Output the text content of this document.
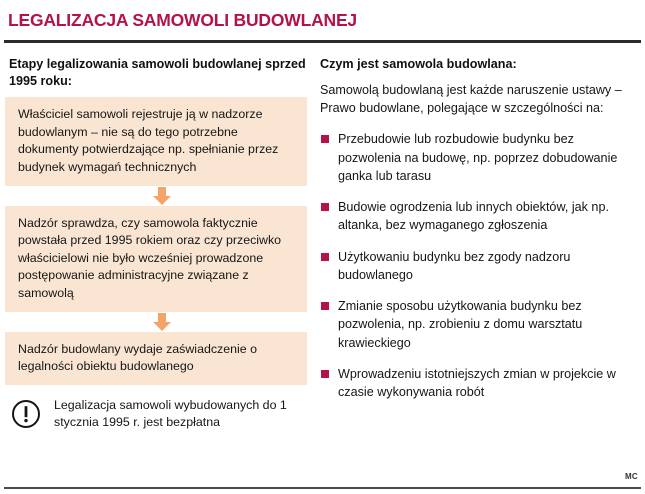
LEGALIZACJA SAMOWOLI BUDOWLANEJ
Etapy legalizowania samowoli budowlanej sprzed 1995 roku:

Właściciel samowoli rejestruje ją w nadzorze budowlanym – nie są do tego potrzebne dokumenty potwierdzające np. spełnianie przez budynek wymagań technicznych

Nadzór sprawdza, czy samowola faktycznie powstała przed 1995 rokiem oraz czy przeciwko właścicielowi nie było wcześniej prowadzone postępowanie administracyjne związane z samowolą

Nadzór budowlany wydaje zaświadczenie o legalności obiektu budowlanego

Legalizacja samowoli wybudowanych do 1 stycznia 1995 r. jest bezpłatna

Czym jest samowola budowlana:

Samowolą budowlaną jest każde naruszenie ustawy – Prawo budowlane, polegające w szczególności na:

Przebudowie lub rozbudowie budynku bez pozwolenia na budowę, np. poprzez dobudowanie ganka lub tarasu

Budowie ogrodzenia lub innych obiektów, jak np. altanka, bez wymaganego zgłoszenia

Użytkowaniu budynku bez zgody nadzoru budowlanego

Zmianie sposobu użytkowania budynku bez pozwolenia, np. zrobieniu z domu warsztatu krawieckiego

Wprowadzeniu istotniejszych zmian w projekcie w czasie wykonywania robót

MC
